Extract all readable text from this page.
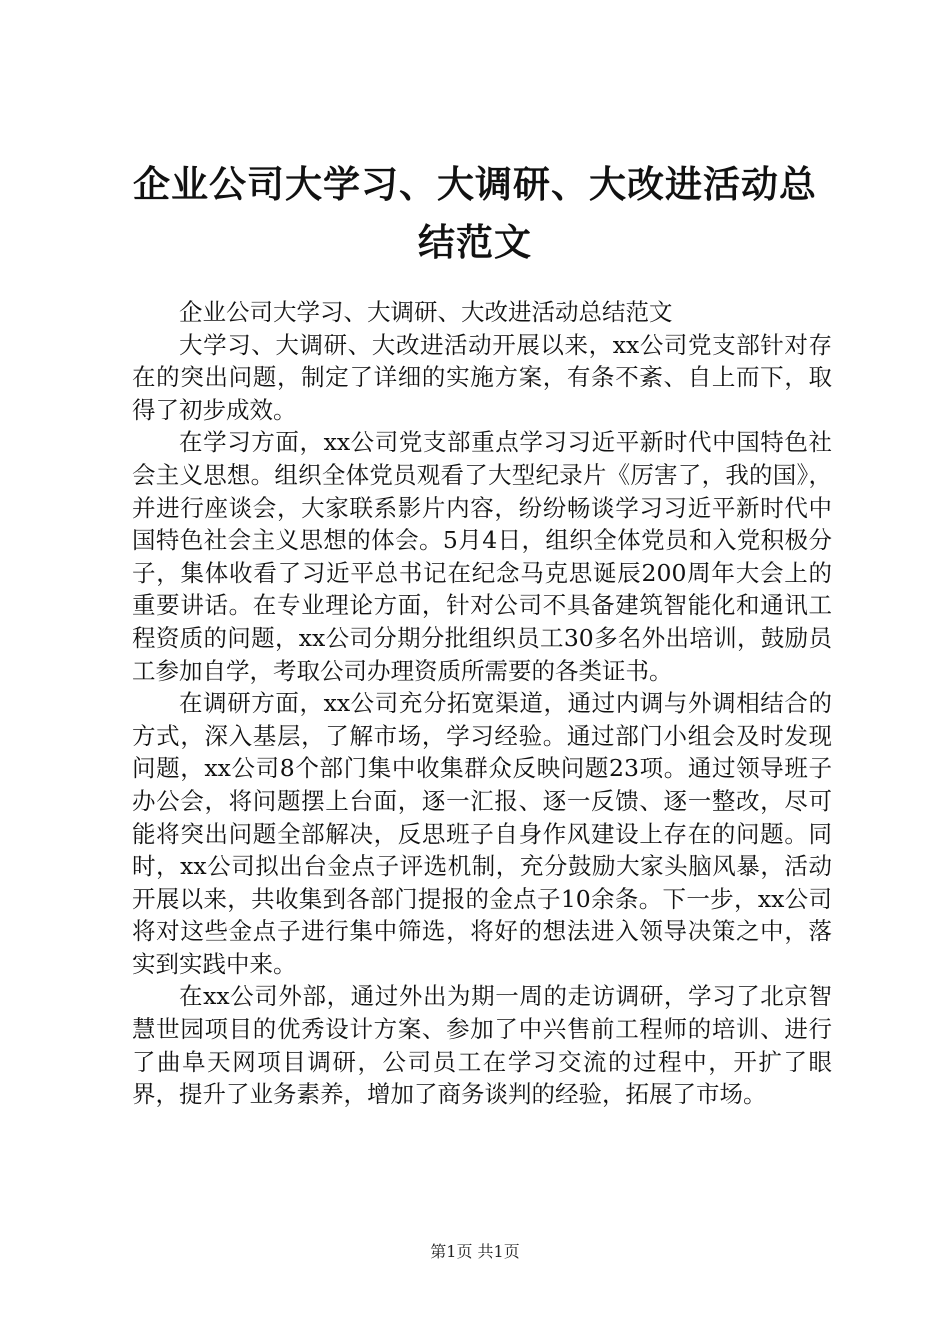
企业公司大学习、大调研、大改进活动总结范文

企业公司大学习、大调研、大改进活动总结范文

大学习、大调研、大改进活动开展以来，xx公司党支部针对存在的突出问题，制定了详细的实施方案，有条不紊、自上而下，取得了初步成效。

在学习方面，xx公司党支部重点学习习近平新时代中国特色社会主义思想。组织全体党员观看了大型纪录片《厉害了，我的国》，并进行座谈会，大家联系影片内容，纷纷畅谈学习习近平新时代中国特色社会主义思想的体会。5月4日，组织全体党员和入党积极分子，集体收看了习近平总书记在纪念马克思诞辰200周年大会上的重要讲话。在专业理论方面，针对公司不具备建筑智能化和通讯工程资质的问题，xx公司分期分批组织员工30多名外出培训，鼓励员工参加自学，考取公司办理资质所需要的各类证书。

在调研方面，xx公司充分拓宽渠道，通过内调与外调相结合的方式，深入基层，了解市场，学习经验。通过部门小组会及时发现问题，xx公司8个部门集中收集群众反映问题23项。通过领导班子办公会，将问题摆上台面，逐一汇报、逐一反馈、逐一整改，尽可能将突出问题全部解决，反思班子自身作风建设上存在的问题。同时，xx公司拟出台金点子评选机制，充分鼓励大家头脑风暴，活动开展以来，共收集到各部门提报的金点子10余条。下一步，xx公司将对这些金点子进行集中筛选，将好的想法进入领导决策之中，落实到实践中来。

在xx公司外部，通过外出为期一周的走访调研，学习了北京智慧世园项目的优秀设计方案、参加了中兴售前工程师的培训、进行了曲阜天网项目调研，公司员工在学习交流的过程中，开扩了眼界，提升了业务素养，增加了商务谈判的经验，拓展了市场。

第1页 共1页
